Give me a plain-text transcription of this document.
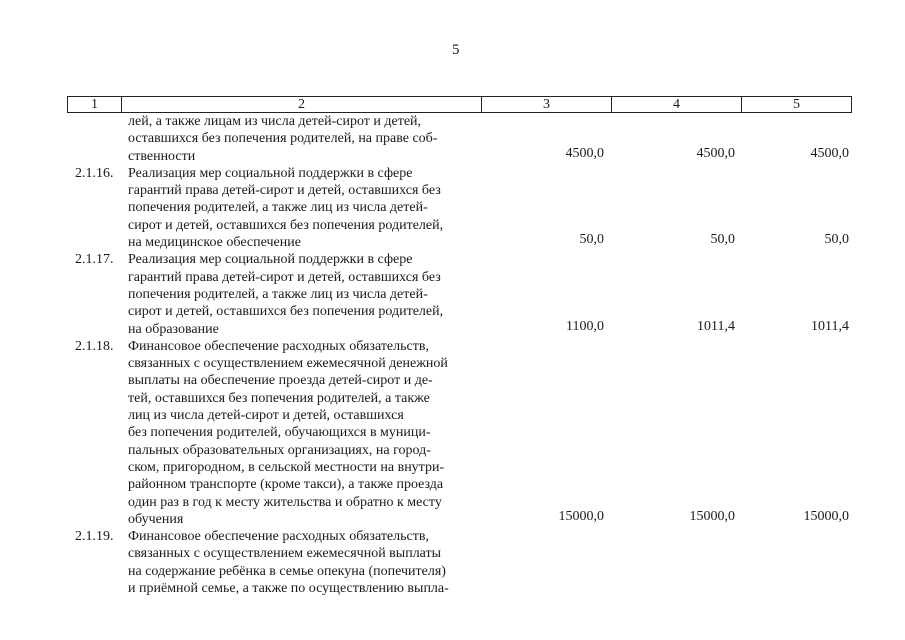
5
1	2	3	4	5
лей, а также лицам из числа детей-сирот и детей,
оставшихся без попечения родителей, на праве соб-
ственности	4500,0	4500,0	4500,0
2.1.16. Реализация мер социальной поддержки в сфере
гарантий права детей-сирот и детей, оставшихся без
попечения родителей, а также лиц из числа детей-
сирот и детей, оставшихся без попечения родителей,
на медицинское обеспечение	50,0	50,0	50,0
2.1.17. Реализация мер социальной поддержки в сфере
гарантий права детей-сирот и детей, оставшихся без
попечения родителей, а также лиц из числа детей-
сирот и детей, оставшихся без попечения родителей,
на образование	1100,0	1011,4	1011,4
2.1.18. Финансовое обеспечение расходных обязательств,
связанных с осуществлением ежемесячной денежной
выплаты на обеспечение проезда детей-сирот и де-
тей, оставшихся без попечения родителей, а также
лиц из числа детей-сирот и детей, оставшихся
без попечения родителей, обучающихся в муници-
пальных образовательных организациях, на город-
ском, пригородном, в сельской местности на внутри-
районном транспорте (кроме такси), а также проезда
один раз в год к месту жительства и обратно к месту
обучения	15000,0	15000,0	15000,0
2.1.19. Финансовое обеспечение расходных обязательств,
связанных с осуществлением ежемесячной выплаты
на содержание ребёнка в семье опекуна (попечителя)
и приёмной семье, а также по осуществлению выпла-
